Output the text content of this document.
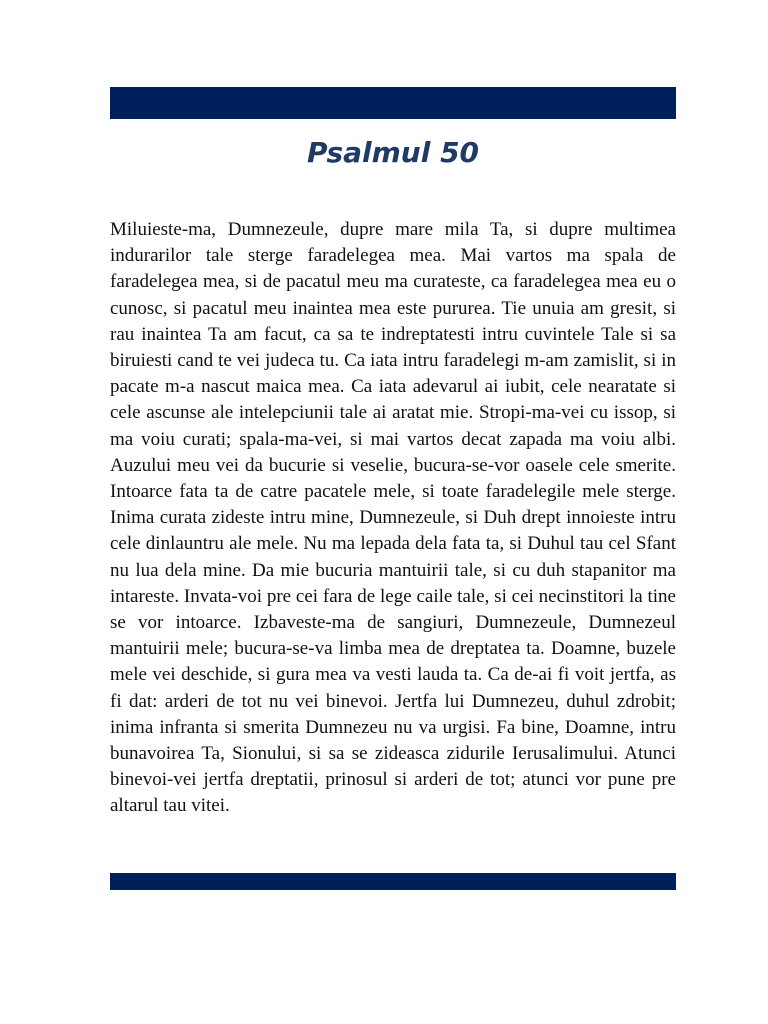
Psalmul 50

Miluieste-ma, Dumnezeule, dupre mare mila Ta, si dupre multimea indurarilor tale sterge faradelegea mea. Mai vartos ma spala de faradelegea mea, si de pacatul meu ma curateste, ca faradelegea mea eu o cunosc, si pacatul meu inaintea mea este pururea. Tie unuia am gresit, si rau inaintea Ta am facut, ca sa te indreptatesti intru cuvintele Tale si sa biruiesti cand te vei judeca tu. Ca iata intru faradelegi m-am zamislit, si in pacate m-a nascut maica mea. Ca iata adevarul ai iubit, cele nearatate si cele ascunse ale intelepciunii tale ai aratat mie. Stropi-ma-vei cu issop, si ma voiu curati; spala-ma-vei, si mai vartos decat zapada ma voiu albi. Auzului meu vei da bucurie si veselie, bucura-se-vor oasele cele smerite. Intoarce fata ta de catre pacatele mele, si toate faradelegile mele sterge. Inima curata zideste intru mine, Dumnezeule, si Duh drept innoieste intru cele dinlauntru ale mele. Nu ma lepada dela fata ta, si Duhul tau cel Sfant nu lua dela mine. Da mie bucuria mantuirii tale, si cu duh stapanitor ma intareste. Invata-voi pre cei fara de lege caile tale, si cei necinstitori la tine se vor intoarce. Izbaveste-ma de sangiuri, Dumnezeule, Dumnezeul mantuirii mele; bucura-se-va limba mea de dreptatea ta. Doamne, buzele mele vei deschide, si gura mea va vesti lauda ta. Ca de-ai fi voit jertfa, as fi dat: arderi de tot nu vei binevoi. Jertfa lui Dumnezeu, duhul zdrobit; inima infranta si smerita Dumnezeu nu va urgisi. Fa bine, Doamne, intru bunavoirea Ta, Sionului, si sa se zideasca zidurile Ierusalimului. Atunci binevoi-vei jertfa dreptatii, prinosul si arderi de tot; atunci vor pune pre altarul tau vitei.
